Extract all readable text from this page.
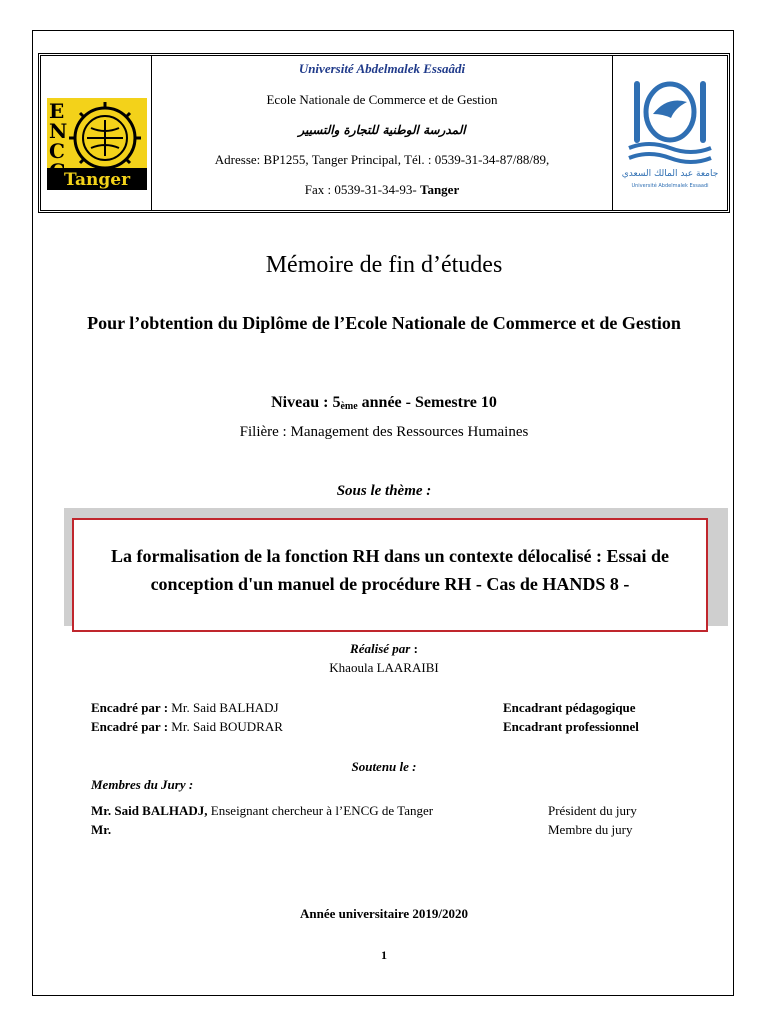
E
N
C
Tanger
Université Abdelmalek Essaâdi
Ecole Nationale de Commerce et de Gestion
المدرسة الوطنية للتجارة والتسيير
Adresse: BP1255, Tanger Principal, Tél. : 0539-31-34-87/88/89,
Fax : 0539-31-34-93- Tanger
جامعة عبد المالك السعدي
Université Abdelmalek Essaadi
Mémoire de fin d’études
Pour l’obtention du Diplôme de l’Ecole Nationale de Commerce et de Gestion
Niveau : 5ème année - Semestre 10
Filière : Management des Ressources Humaines
Sous le thème :
La formalisation de la fonction RH dans un contexte délocalisé : Essai de conception d'un manuel de procédure RH - Cas de HANDS 8 -
Réalisé par :
Khaoula LAARAIBI
Encadré par : Mr. Said BALHADJ	Encadrant pédagogique
Encadré par : Mr. Said BOUDRAR	Encadrant professionnel
Soutenu le :
Membres du Jury :
Mr. Said BALHADJ, Enseignant chercheur à l’ENCG de Tanger	Président du jury
Mr.	Membre du jury
Année universitaire 2019/2020
1
